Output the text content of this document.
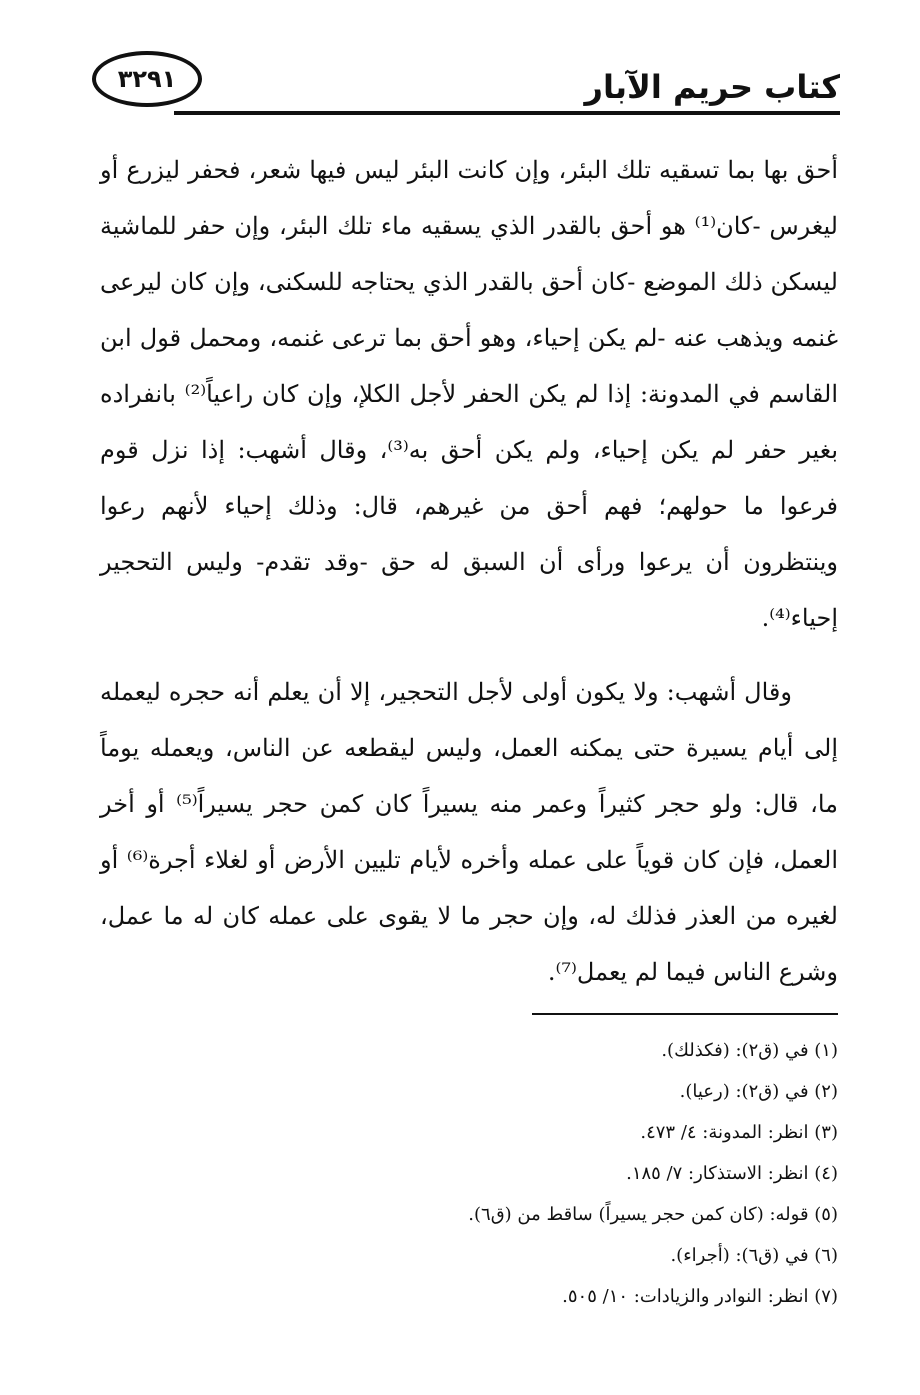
٣٢٩١	كتاب حريم الآبار

أحق بها بما تسقيه تلك البئر، وإن كانت البئر ليس فيها شعر، فحفر ليزرع أو ليغرس -كان⁽¹⁾ هو أحق بالقدر الذي يسقيه ماء تلك البئر، وإن حفر للماشية ليسكن ذلك الموضع -كان أحق بالقدر الذي يحتاجه للسكنى، وإن كان ليرعى غنمه ويذهب عنه -لم يكن إحياء، وهو أحق بما ترعى غنمه، ومحمل قول ابن القاسم في المدونة: إذا لم يكن الحفر لأجل الكلإ، وإن كان راعياً⁽²⁾ بانفراده بغير حفر لم يكن إحياء، ولم يكن أحق به⁽³⁾، وقال أشهب: إذا نزل قوم فرعوا ما حولهم؛ فهم أحق من غيرهم، قال: وذلك إحياء لأنهم رعوا وينتظرون أن يرعوا ورأى أن السبق له حق -وقد تقدم- وليس التحجير إحياء⁽⁴⁾.

وقال أشهب: ولا يكون أولى لأجل التحجير، إلا أن يعلم أنه حجره ليعمله إلى أيام يسيرة حتى يمكنه العمل، وليس ليقطعه عن الناس، ويعمله يوماً ما، قال: ولو حجر كثيراً وعمر منه يسيراً كان كمن حجر يسيراً⁽⁵⁾ أو أخر العمل، فإن كان قوياً على عمله وأخره لأيام تليين الأرض أو لغلاء أجرة⁽⁶⁾ أو لغيره من العذر فذلك له، وإن حجر ما لا يقوى على عمله كان له ما عمل، وشرع الناس فيما لم يعمل⁽⁷⁾.

(١) في (ق٢): (فكذلك).
(٢) في (ق٢): (رعيا).
(٣) انظر: المدونة: ٤/ ٤٧٣.
(٤) انظر: الاستذكار: ٧/ ١٨٥.
(٥) قوله: (كان كمن حجر يسيراً) ساقط من (ق٦).
(٦) في (ق٦): (أجراء).
(٧) انظر: النوادر والزيادات: ١٠/ ٥٠٥.
